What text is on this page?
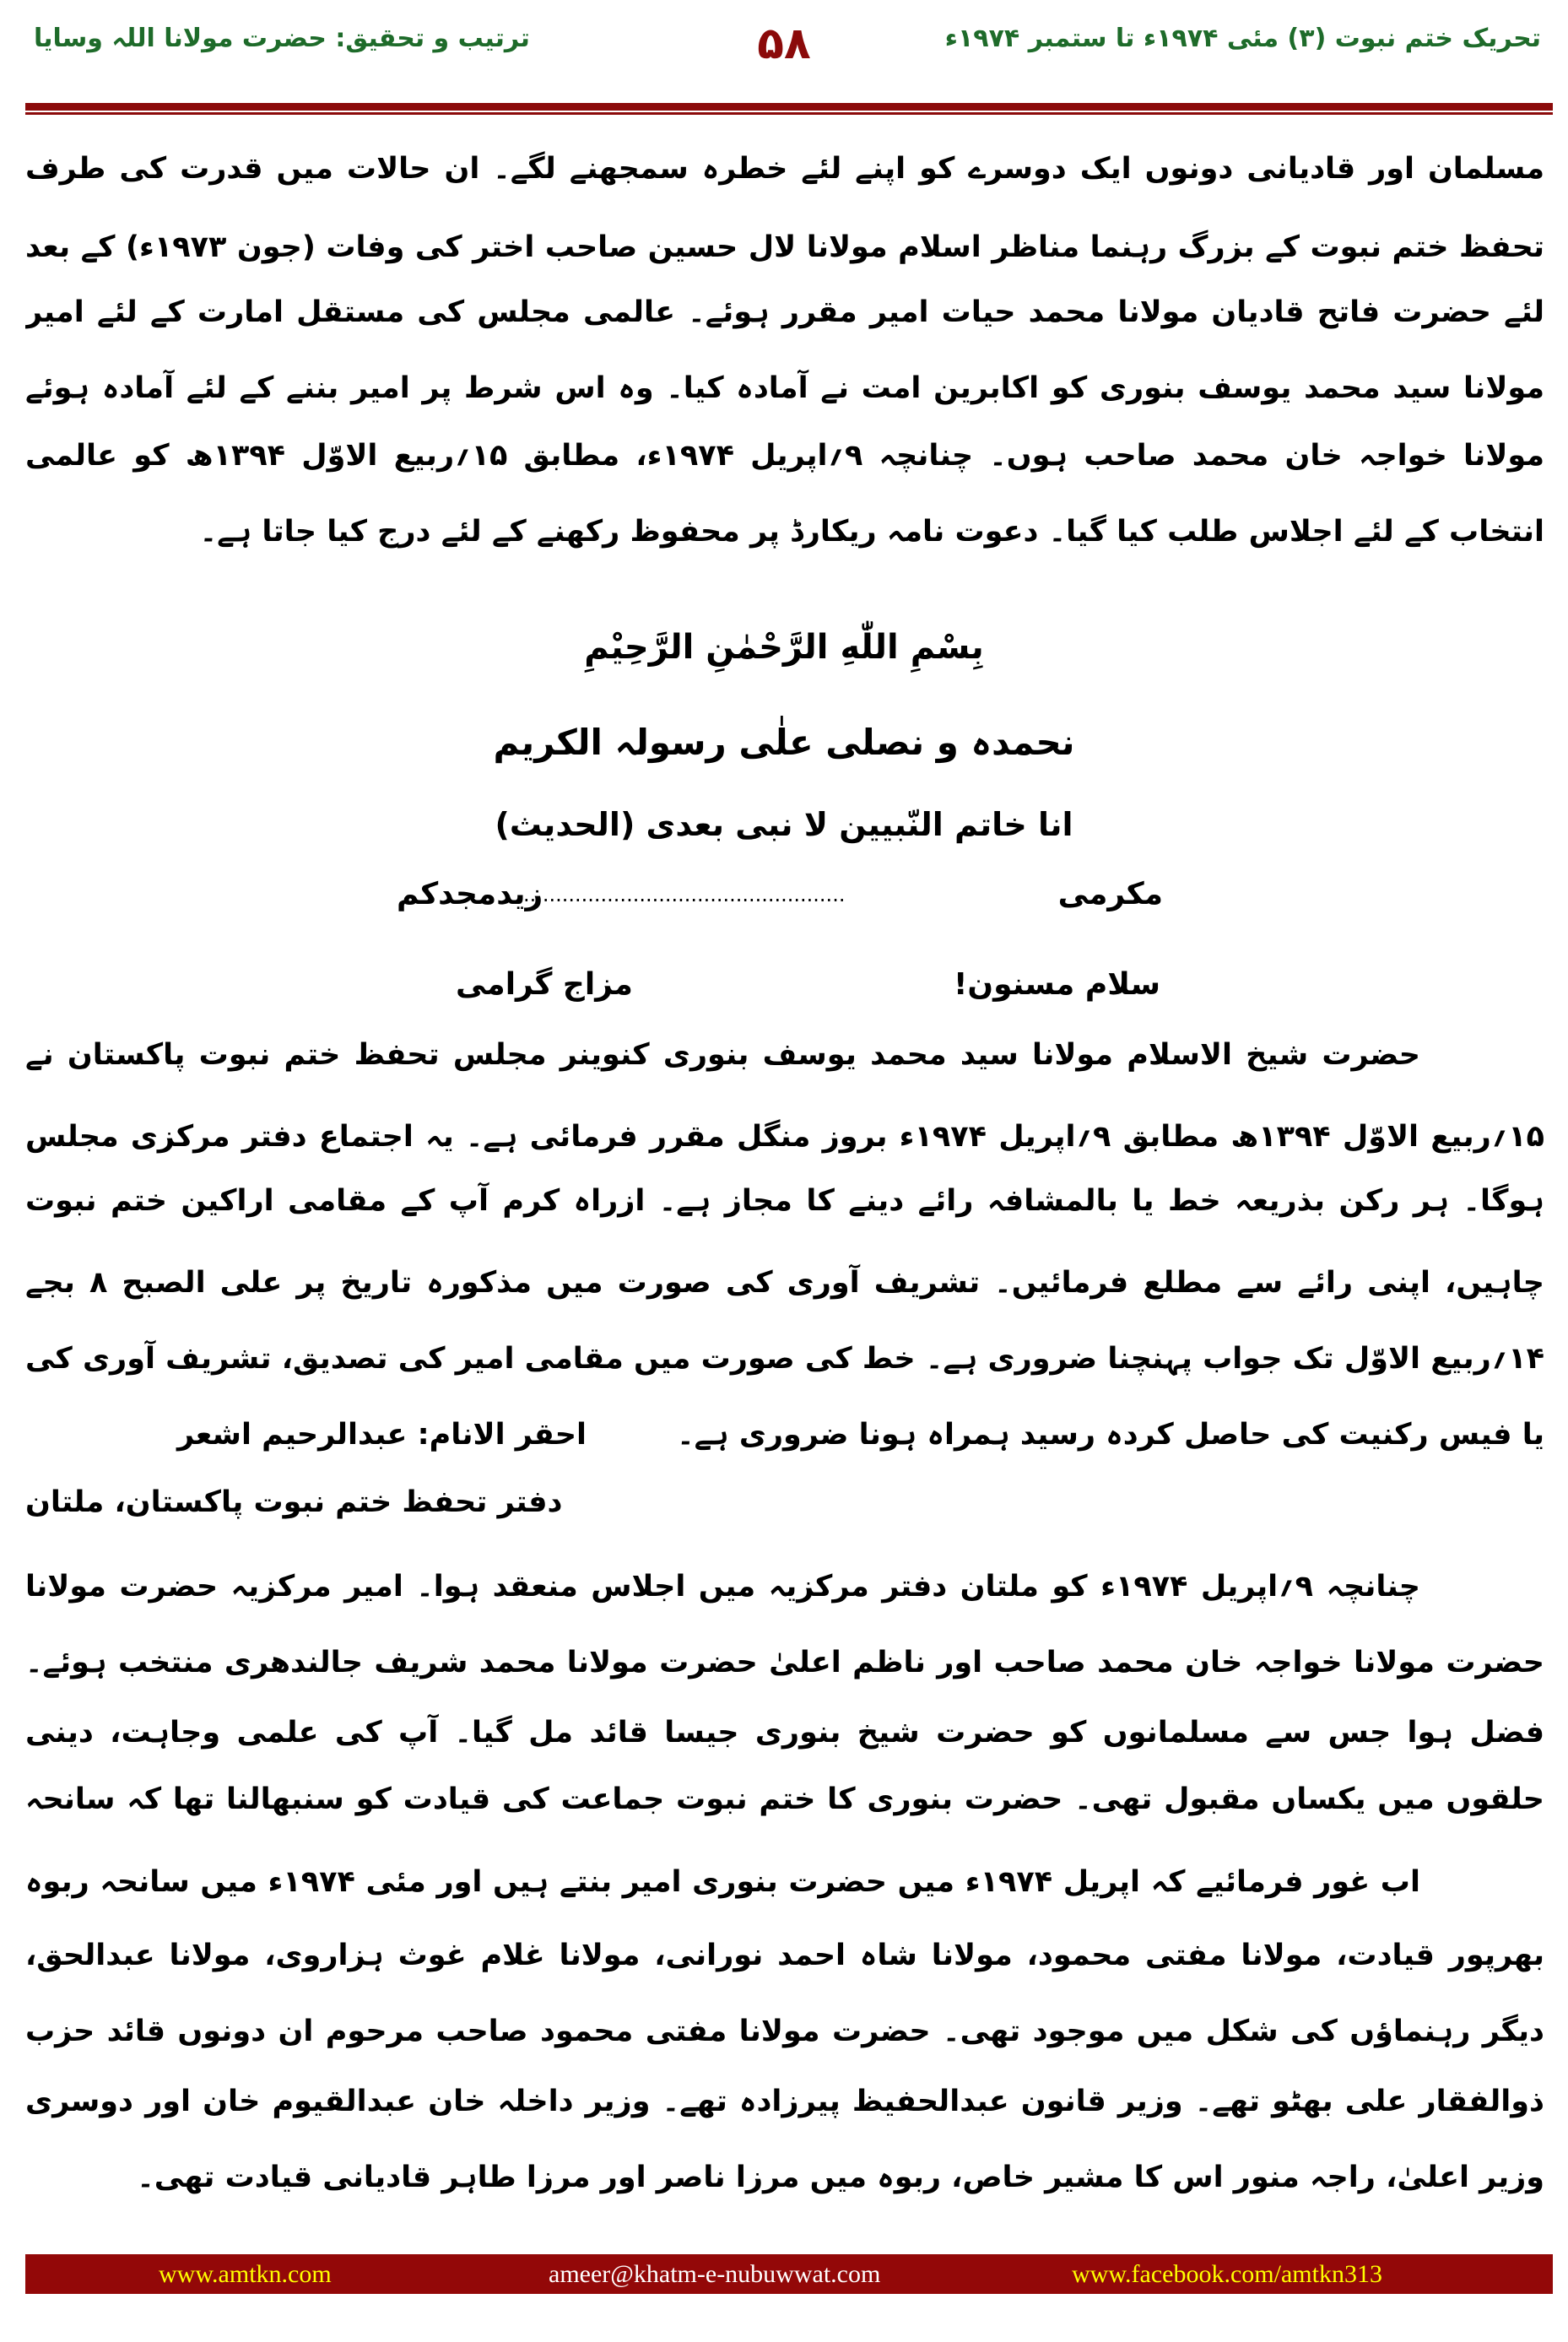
تحریک ختم نبوت (۳) مئی ۱۹۷۴ء تا ستمبر ۱۹۷۴ء
۵۸
ترتیب و تحقیق: حضرت مولانا اللہ وسایا
مسلمان اور قادیانی دونوں ایک دوسرے کو اپنے لئے خطرہ سمجھنے لگے۔ ان حالات میں قدرت کی طرف
تحفظ ختم نبوت کے بزرگ رہنما مناظر اسلام مولانا لال حسین صاحب اختر کی وفات (جون ۱۹۷۳ء) کے بعد
لئے حضرت فاتح قادیان مولانا محمد حیات امیر مقرر ہوئے۔ عالمی مجلس کی مستقل امارت کے لئے امیر
مولانا سید محمد یوسف بنوری کو اکابرین امت نے آمادہ کیا۔ وہ اس شرط پر امیر بننے کے لئے آمادہ ہوئے
مولانا خواجہ خان محمد صاحب ہوں۔ چنانچہ ۹؍اپریل ۱۹۷۴ء، مطابق ۱۵؍ربیع الاوّل ۱۳۹۴ھ کو عالمی
انتخاب کے لئے اجلاس طلب کیا گیا۔ دعوت نامہ ریکارڈ پر محفوظ رکھنے کے لئے درج کیا جاتا ہے۔
بِسْمِ اللّٰهِ الرَّحْمٰنِ الرَّحِيْمِ
نحمدہ و نصلی علٰی رسولہ الکریم
انا خاتم النّبیین لا نبی بعدی (الحدیث)
مکرمی
..................................................
زیدمجدکم
سلام مسنون!
مزاج گرامی
حضرت شیخ الاسلام مولانا سید محمد یوسف بنوری کنوینر مجلس تحفظ ختم نبوت پاکستان نے
۱۵؍ربیع الاوّل ۱۳۹۴ھ مطابق ۹؍اپریل ۱۹۷۴ء بروز منگل مقرر فرمائی ہے۔ یہ اجتماع دفتر مرکزی مجلس
ہوگا۔ ہر رکن بذریعہ خط یا بالمشافہ رائے دینے کا مجاز ہے۔ ازراہ کرم آپ کے مقامی اراکین ختم نبوت
چاہیں، اپنی رائے سے مطلع فرمائیں۔ تشریف آوری کی صورت میں مذکورہ تاریخ پر علی الصبح ۸ بجے
۱۴؍ربیع الاوّل تک جواب پہنچنا ضروری ہے۔ خط کی صورت میں مقامی امیر کی تصدیق، تشریف آوری کی
یا فیس رکنیت کی حاصل کردہ رسید ہمراہ ہونا ضروری ہے۔
احقر الانام: عبدالرحیم اشعر
دفتر تحفظ ختم نبوت پاکستان، ملتان
چنانچہ ۹؍اپریل ۱۹۷۴ء کو ملتان دفتر مرکزیہ میں اجلاس منعقد ہوا۔ امیر مرکزیہ حضرت مولانا
حضرت مولانا خواجہ خان محمد صاحب اور ناظم اعلیٰ حضرت مولانا محمد شریف جالندھری منتخب ہوئے۔
فضل ہوا جس سے مسلمانوں کو حضرت شیخ بنوری جیسا قائد مل گیا۔ آپ کی علمی وجاہت، دینی
حلقوں میں یکساں مقبول تھی۔ حضرت بنوری کا ختم نبوت جماعت کی قیادت کو سنبھالنا تھا کہ سانحہ
اب غور فرمائیے کہ اپریل ۱۹۷۴ء میں حضرت بنوری امیر بنتے ہیں اور مئی ۱۹۷۴ء میں سانحہ ربوہ
بھرپور قیادت، مولانا مفتی محمود، مولانا شاہ احمد نورانی، مولانا غلام غوث ہزاروی، مولانا عبدالحق،
دیگر رہنماؤں کی شکل میں موجود تھی۔ حضرت مولانا مفتی محمود صاحب مرحوم ان دونوں قائد حزب
ذوالفقار علی بھٹو تھے۔ وزیر قانون عبدالحفیظ پیرزادہ تھے۔ وزیر داخلہ خان عبدالقیوم خان اور دوسری
وزیر اعلیٰ، راجہ منور اس کا مشیر خاص، ربوہ میں مرزا ناصر اور مرزا طاہر قادیانی قیادت تھی۔
www.amtkn.com	ameer@khatm-e-nubuwwat.com	www.facebook.com/amtkn313
